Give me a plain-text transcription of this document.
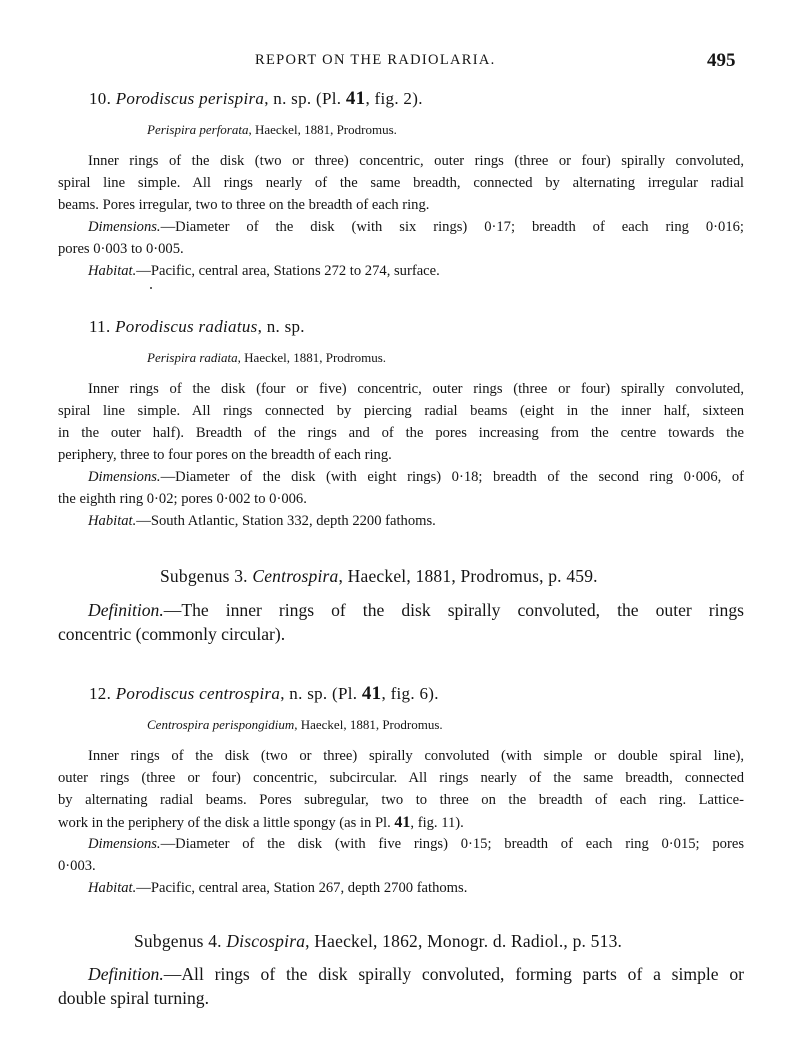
REPORT ON THE RADIOLARIA.	495
10. Porodiscus perispira, n. sp. (Pl. 41, fig. 2).
Perispira perforata, Haeckel, 1881, Prodromus.
Inner rings of the disk (two or three) concentric, outer rings (three or four) spirally convoluted,
spiral line simple. All rings nearly of the same breadth, connected by alternating irregular radial
beams. Pores irregular, two to three on the breadth of each ring.
Dimensions.—Diameter of the disk (with six rings) 0·17; breadth of each ring 0·016;
pores 0·003 to 0·005.
Habitat.—Pacific, central area, Stations 272 to 274, surface.
11. Porodiscus radiatus, n. sp.
Perispira radiata, Haeckel, 1881, Prodromus.
Inner rings of the disk (four or five) concentric, outer rings (three or four) spirally convoluted,
spiral line simple. All rings connected by piercing radial beams (eight in the inner half, sixteen
in the outer half). Breadth of the rings and of the pores increasing from the centre towards the
periphery, three to four pores on the breadth of each ring.
Dimensions.—Diameter of the disk (with eight rings) 0·18; breadth of the second ring 0·006, of
the eighth ring 0·02; pores 0·002 to 0·006.
Habitat.—South Atlantic, Station 332, depth 2200 fathoms.
Subgenus 3. Centrospira, Haeckel, 1881, Prodromus, p. 459.
Definition.—The inner rings of the disk spirally convoluted, the outer rings
concentric (commonly circular).
12. Porodiscus centrospira, n. sp. (Pl. 41, fig. 6).
Centrospira perispongidium, Haeckel, 1881, Prodromus.
Inner rings of the disk (two or three) spirally convoluted (with simple or double spiral line),
outer rings (three or four) concentric, subcircular. All rings nearly of the same breadth, connected
by alternating radial beams. Pores subregular, two to three on the breadth of each ring. Lattice-
work in the periphery of the disk a little spongy (as in Pl. 41, fig. 11).
Dimensions.—Diameter of the disk (with five rings) 0·15; breadth of each ring 0·015; pores
0·003.
Habitat.—Pacific, central area, Station 267, depth 2700 fathoms.
Subgenus 4. Discospira, Haeckel, 1862, Monogr. d. Radiol., p. 513.
Definition.—All rings of the disk spirally convoluted, forming parts of a simple or
double spiral turning.
